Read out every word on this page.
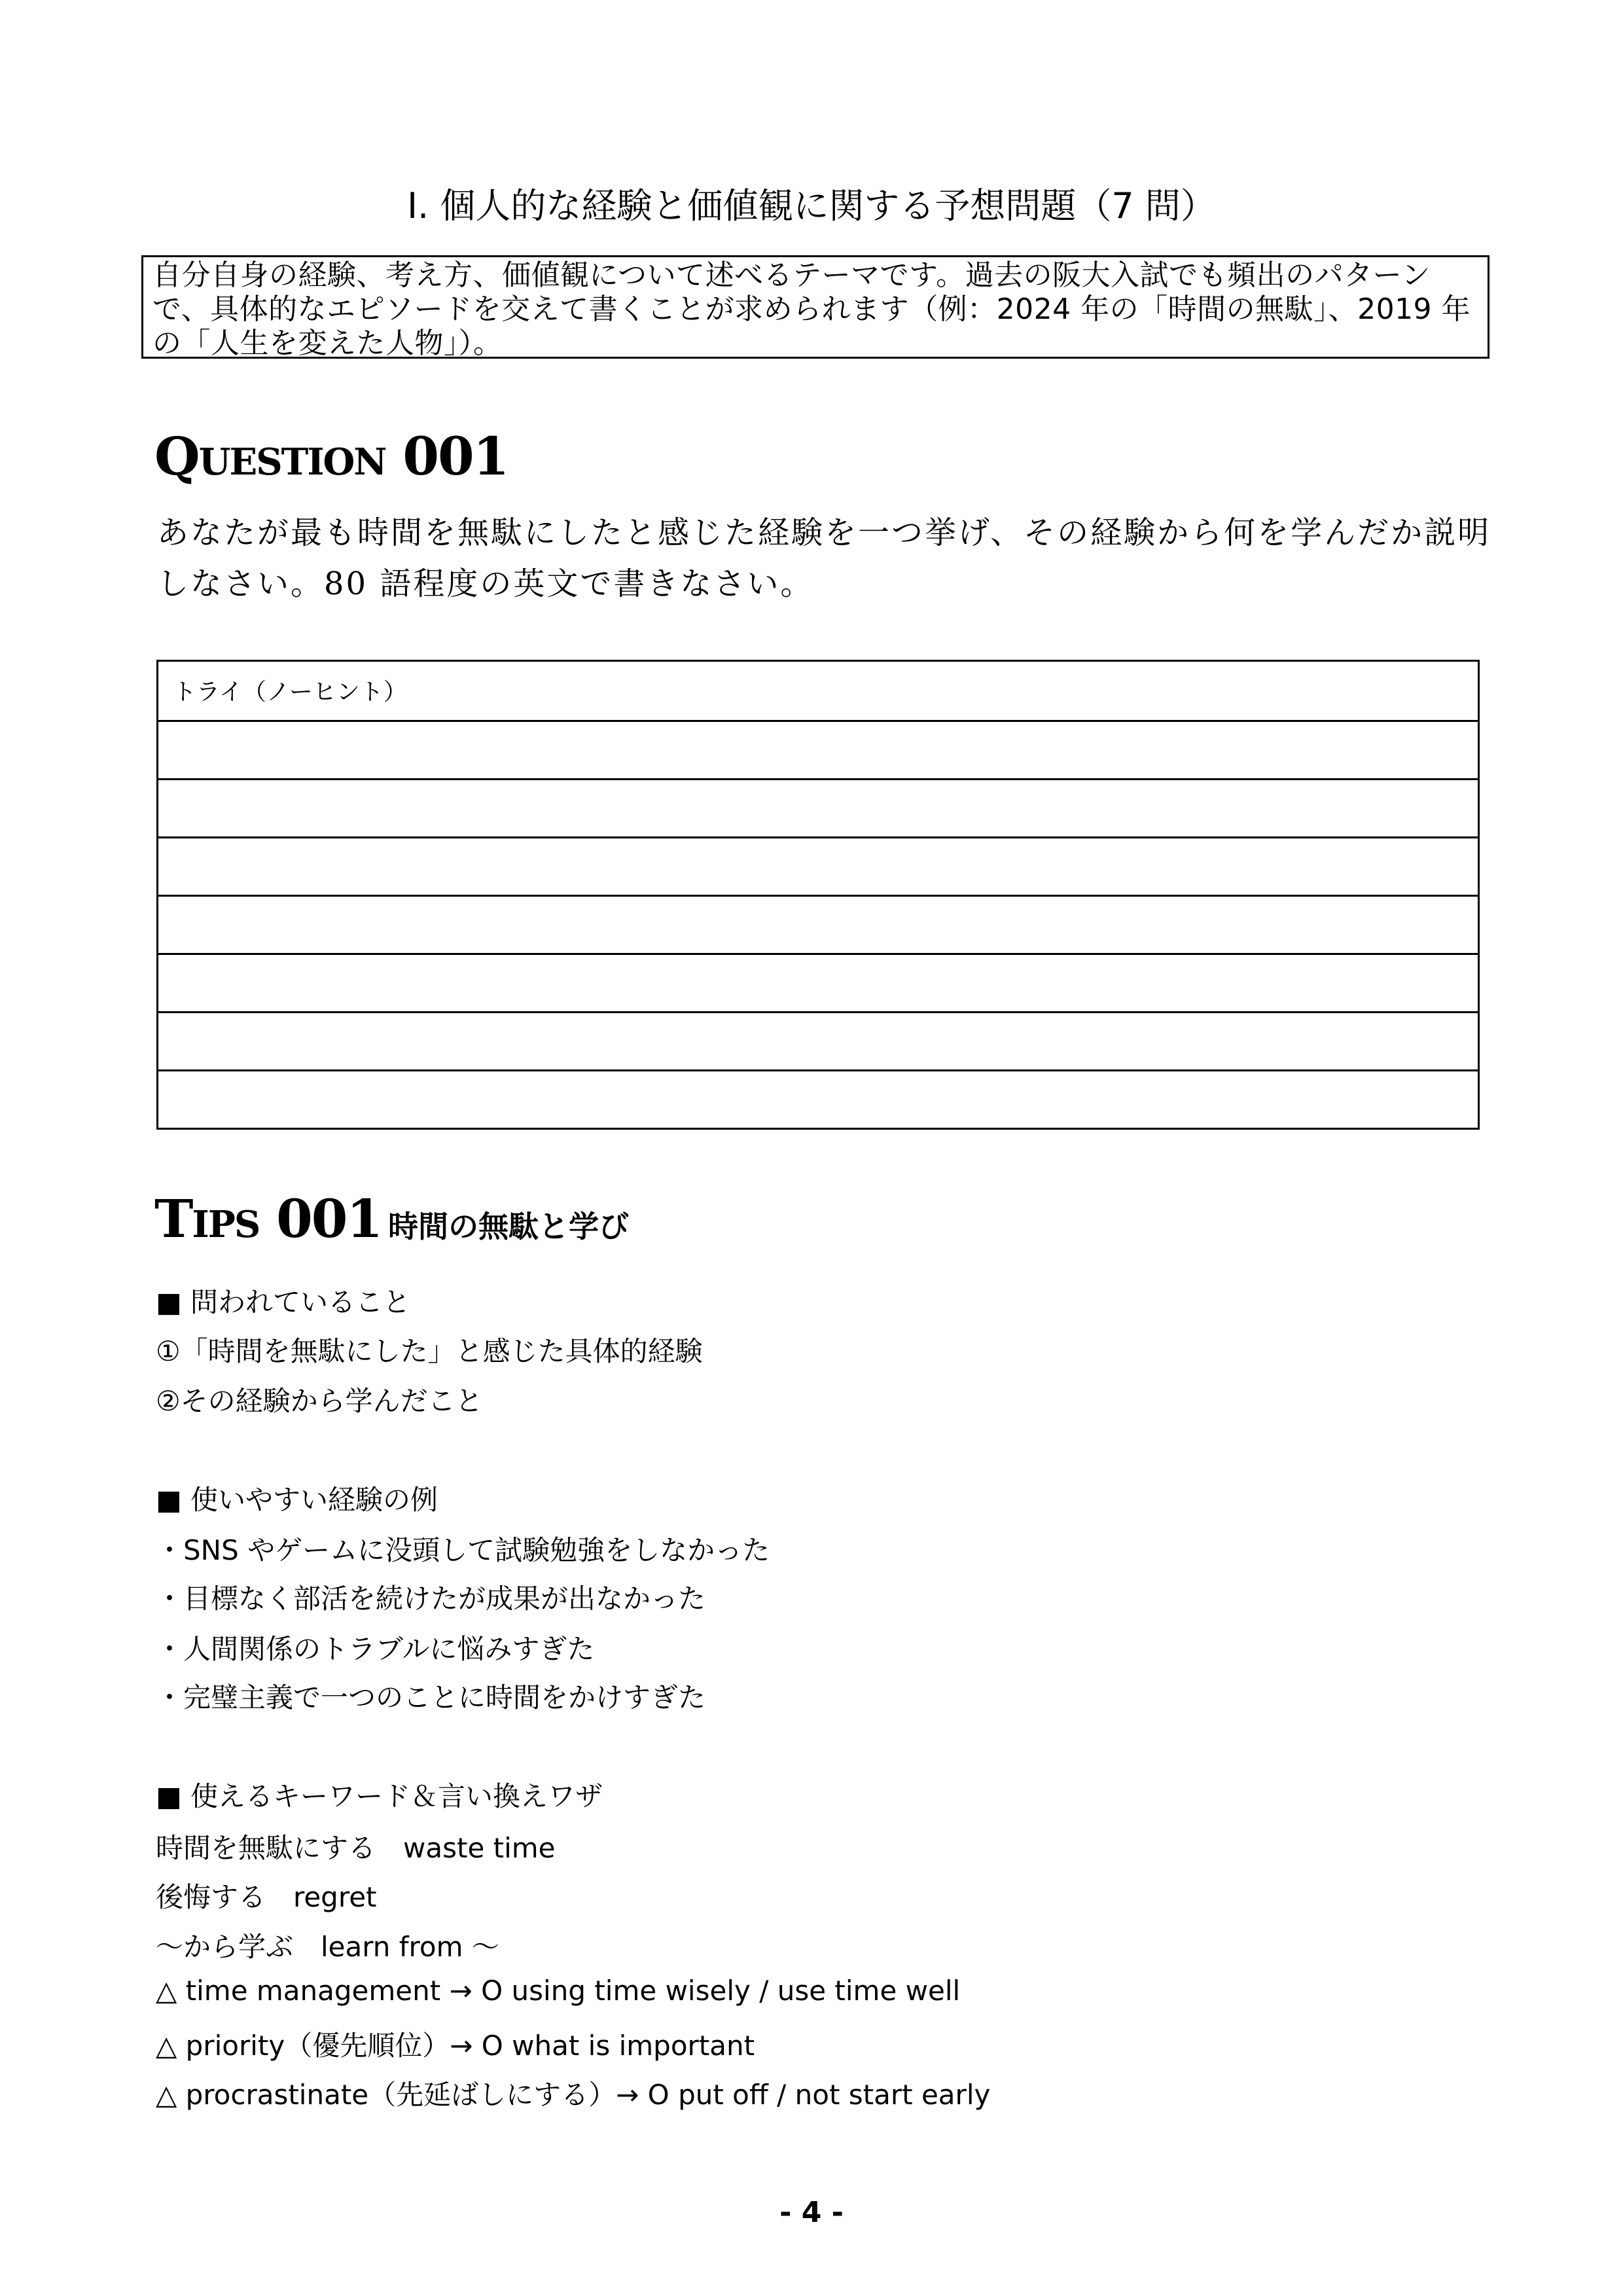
I. 個人的な経験と価値観に関する予想問題（7 問）
自分自身の経験、考え方、価値観について述べるテーマです。過去の阪大入試でも頻出のパターンで、具体的なエピソードを交えて書くことが求められます（例：2024 年の「時間の無駄」、2019 年の「人生を変えた人物」）。
Question 001
あなたが最も時間を無駄にしたと感じた経験を一つ挙げ、その経験から何を学んだか説明しなさい。80 語程度の英文で書きなさい。
トライ（ノーヒント）
Tips 001 時間の無駄と学び
■ 問われていること
①「時間を無駄にした」と感じた具体的経験
②その経験から学んだこと
■ 使いやすい経験の例
・SNS やゲームに没頭して試験勉強をしなかった
・目標なく部活を続けたが成果が出なかった
・人間関係のトラブルに悩みすぎた
・完璧主義で一つのことに時間をかけすぎた
■ 使えるキーワード＆言い換えワザ
時間を無駄にする　waste time
後悔する　regret
～から学ぶ　learn from ～
△ time management → O using time wisely / use time well
△ priority（優先順位）→ O what is important
△ procrastinate（先延ばしにする）→ O put off / not start early
- 4 -
